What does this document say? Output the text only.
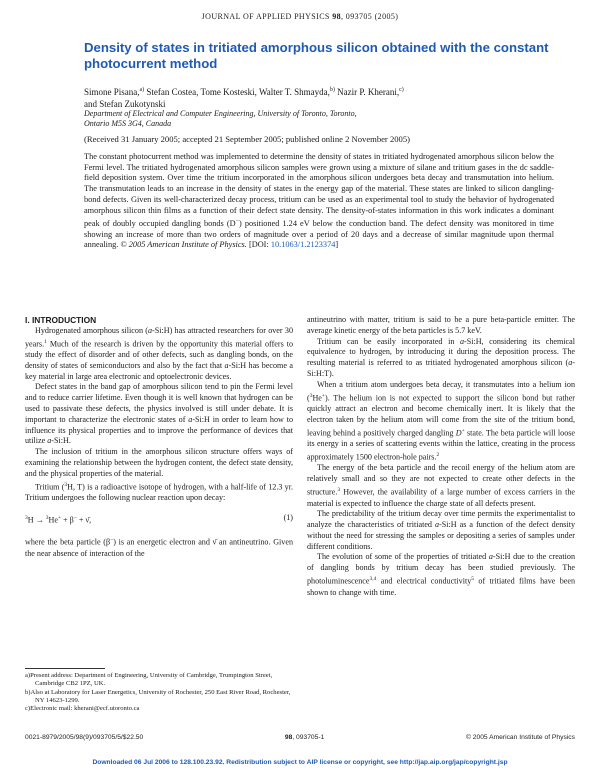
JOURNAL OF APPLIED PHYSICS 98, 093705 (2005)
Density of states in tritiated amorphous silicon obtained with the constant photocurrent method
Simone Pisana,$^{a)}$ Stefan Costea, Tome Kosteski, Walter T. Shmayda,$^{b)}$ Nazir P. Kherani,$^{c)}$
and Stefan Zukotynski
Department of Electrical and Computer Engineering, University of Toronto, Toronto,
Ontario M5S 3G4, Canada
(Received 31 January 2005; accepted 21 September 2005; published online 2 November 2005)
The constant photocurrent method was implemented to determine the density of states in tritiated hydrogenated amorphous silicon below the Fermi level. The tritiated hydrogenated amorphous silicon samples were grown using a mixture of silane and tritium gases in the dc saddle-field deposition system. Over time the tritium incorporated in the amorphous silicon undergoes beta decay and transmutation into helium. The transmutation leads to an increase in the density of states in the energy gap of the material. These states are linked to silicon dangling-bond defects. Given its well-characterized decay process, tritium can be used as an experimental tool to study the behavior of hydrogenated amorphous silicon thin films as a function of their defect state density. The density-of-states information in this work indicates a dominant peak of doubly occupied dangling bonds (D−) positioned 1.24 eV below the conduction band. The defect density was monitored in time showing an increase of more than two orders of magnitude over a period of 20 days and a decrease of similar magnitude upon thermal annealing. © 2005 American Institute of Physics. [DOI: 10.1063/1.2123374]

I. INTRODUCTION

Hydrogenated amorphous silicon (a-Si:H) has attracted researchers for over 30 years.$^1$ Much of the research is driven by the opportunity this material offers to study the effect of disorder and of other defects, such as dangling bonds, on the density of states of semiconductors and also by the fact that a-Si:H has become a key material in large area electronic and optoelectronic devices.

Defect states in the band gap of amorphous silicon tend to pin the Fermi level and to reduce carrier lifetime. Even though it is well known that hydrogen can be used to passivate these defects, the physics involved is still under debate. It is important to characterize the electronic states of a-Si:H in order to learn how to influence its physical properties and to improve the performance of devices that utilize a-Si:H.

The inclusion of tritium in the amorphous silicon structure offers ways of examining the relationship between the hydrogen content, the defect state density, and the physical properties of the material.

Tritium ($^3$H, T) is a radioactive isotope of hydrogen, with a half-life of 12.3 yr. Tritium undergoes the following nuclear reaction upon decay:

$^3$H → $^3$He+ + β− + ν̄,	(1)

where the beta particle (β−) is an energetic electron and ν̄ an antineutrino. Given the near absence of interaction of the

antineutrino with matter, tritium is said to be a pure beta-particle emitter. The average kinetic energy of the beta particles is 5.7 keV.

Tritium can be easily incorporated in a-Si:H, considering its chemical equivalence to hydrogen, by introducing it during the deposition process. The resulting material is referred to as tritiated hydrogenated amorphous silicon (a-Si:H:T).

When a tritium atom undergoes beta decay, it transmutates into a helium ion ($^3$He+). The helium ion is not expected to support the silicon bond but rather quickly attract an electron and become chemically inert. It is likely that the electron taken by the helium atom will come from the site of the tritium bond, leaving behind a positively charged dangling D+ state. The beta particle will loose its energy in a series of scattering events within the lattice, creating in the process approximately 1500 electron-hole pairs.$^2$

The energy of the beta particle and the recoil energy of the helium atom are relatively small and so they are not expected to create other defects in the structure.$^3$ However, the availability of a large number of excess carriers in the material is expected to influence the charge state of all defects present.

The predictability of the tritium decay over time permits the experimentalist to analyze the characteristics of tritiated a-Si:H as a function of the defect density without the need for stressing the samples or depositing a series of samples under different conditions.

The evolution of some of the properties of tritiated a-Si:H due to the creation of dangling bonds by tritium decay has been studied previously. The photoluminescence$^{3,4}$ and electrical conductivity$^5$ of tritiated films have been shown to change with time.

a)Present address: Department of Engineering, University of Cambridge, Trumpington Street, Cambridge CB2 1PZ, UK.
b)Also at Laboratory for Laser Energetics, University of Rochester, 250 East River Road, Rochester, NY 14623-1299.
c)Electronic mail: kherani@ecf.utoronto.ca
0021-8979/2005/98(9)/093705/5/$22.50	98, 093705-1	© 2005 American Institute of Physics
Downloaded 06 Jul 2006 to 128.100.23.92. Redistribution subject to AIP license or copyright, see http://jap.aip.org/jap/copyright.jsp
